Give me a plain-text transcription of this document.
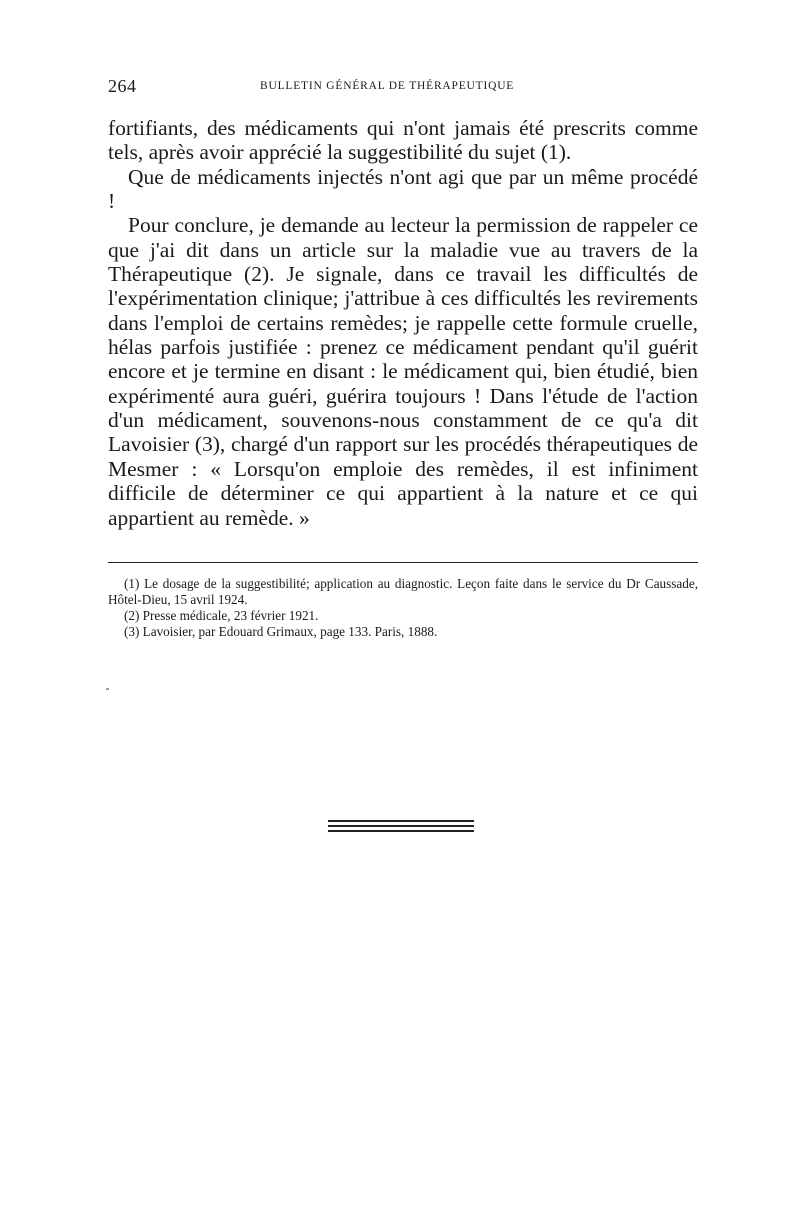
264	BULLETIN GÉNÉRAL DE THÉRAPEUTIQUE

fortifiants, des médicaments qui n'ont jamais été prescrits comme tels, après avoir apprécié la suggestibilité du sujet (1).

Que de médicaments injectés n'ont agi que par un même procédé !

Pour conclure, je demande au lecteur la permission de rappeler ce que j'ai dit dans un article sur la maladie vue au travers de la Thérapeutique (2). Je signale, dans ce travail les difficultés de l'expérimentation clinique; j'attribue à ces difficultés les revirements dans l'emploi de certains remèdes; je rappelle cette formule cruelle, hélas parfois justifiée : prenez ce médicament pendant qu'il guérit encore et je termine en disant : le médicament qui, bien étudié, bien expérimenté aura guéri, guérira toujours ! Dans l'étude de l'action d'un médicament, souvenons-nous constamment de ce qu'a dit Lavoisier (3), chargé d'un rapport sur les procédés thérapeutiques de Mesmer : « Lorsqu'on emploie des remèdes, il est infiniment difficile de déterminer ce qui appartient à la nature et ce qui appartient au remède. »

(1) Le dosage de la suggestibilité; application au diagnostic. Leçon faite dans le service du Dr Caussade, Hôtel-Dieu, 15 avril 1924.

(2) Presse médicale, 23 février 1921.

(3) Lavoisier, par Edouard Grimaux, page 133. Paris, 1888.
